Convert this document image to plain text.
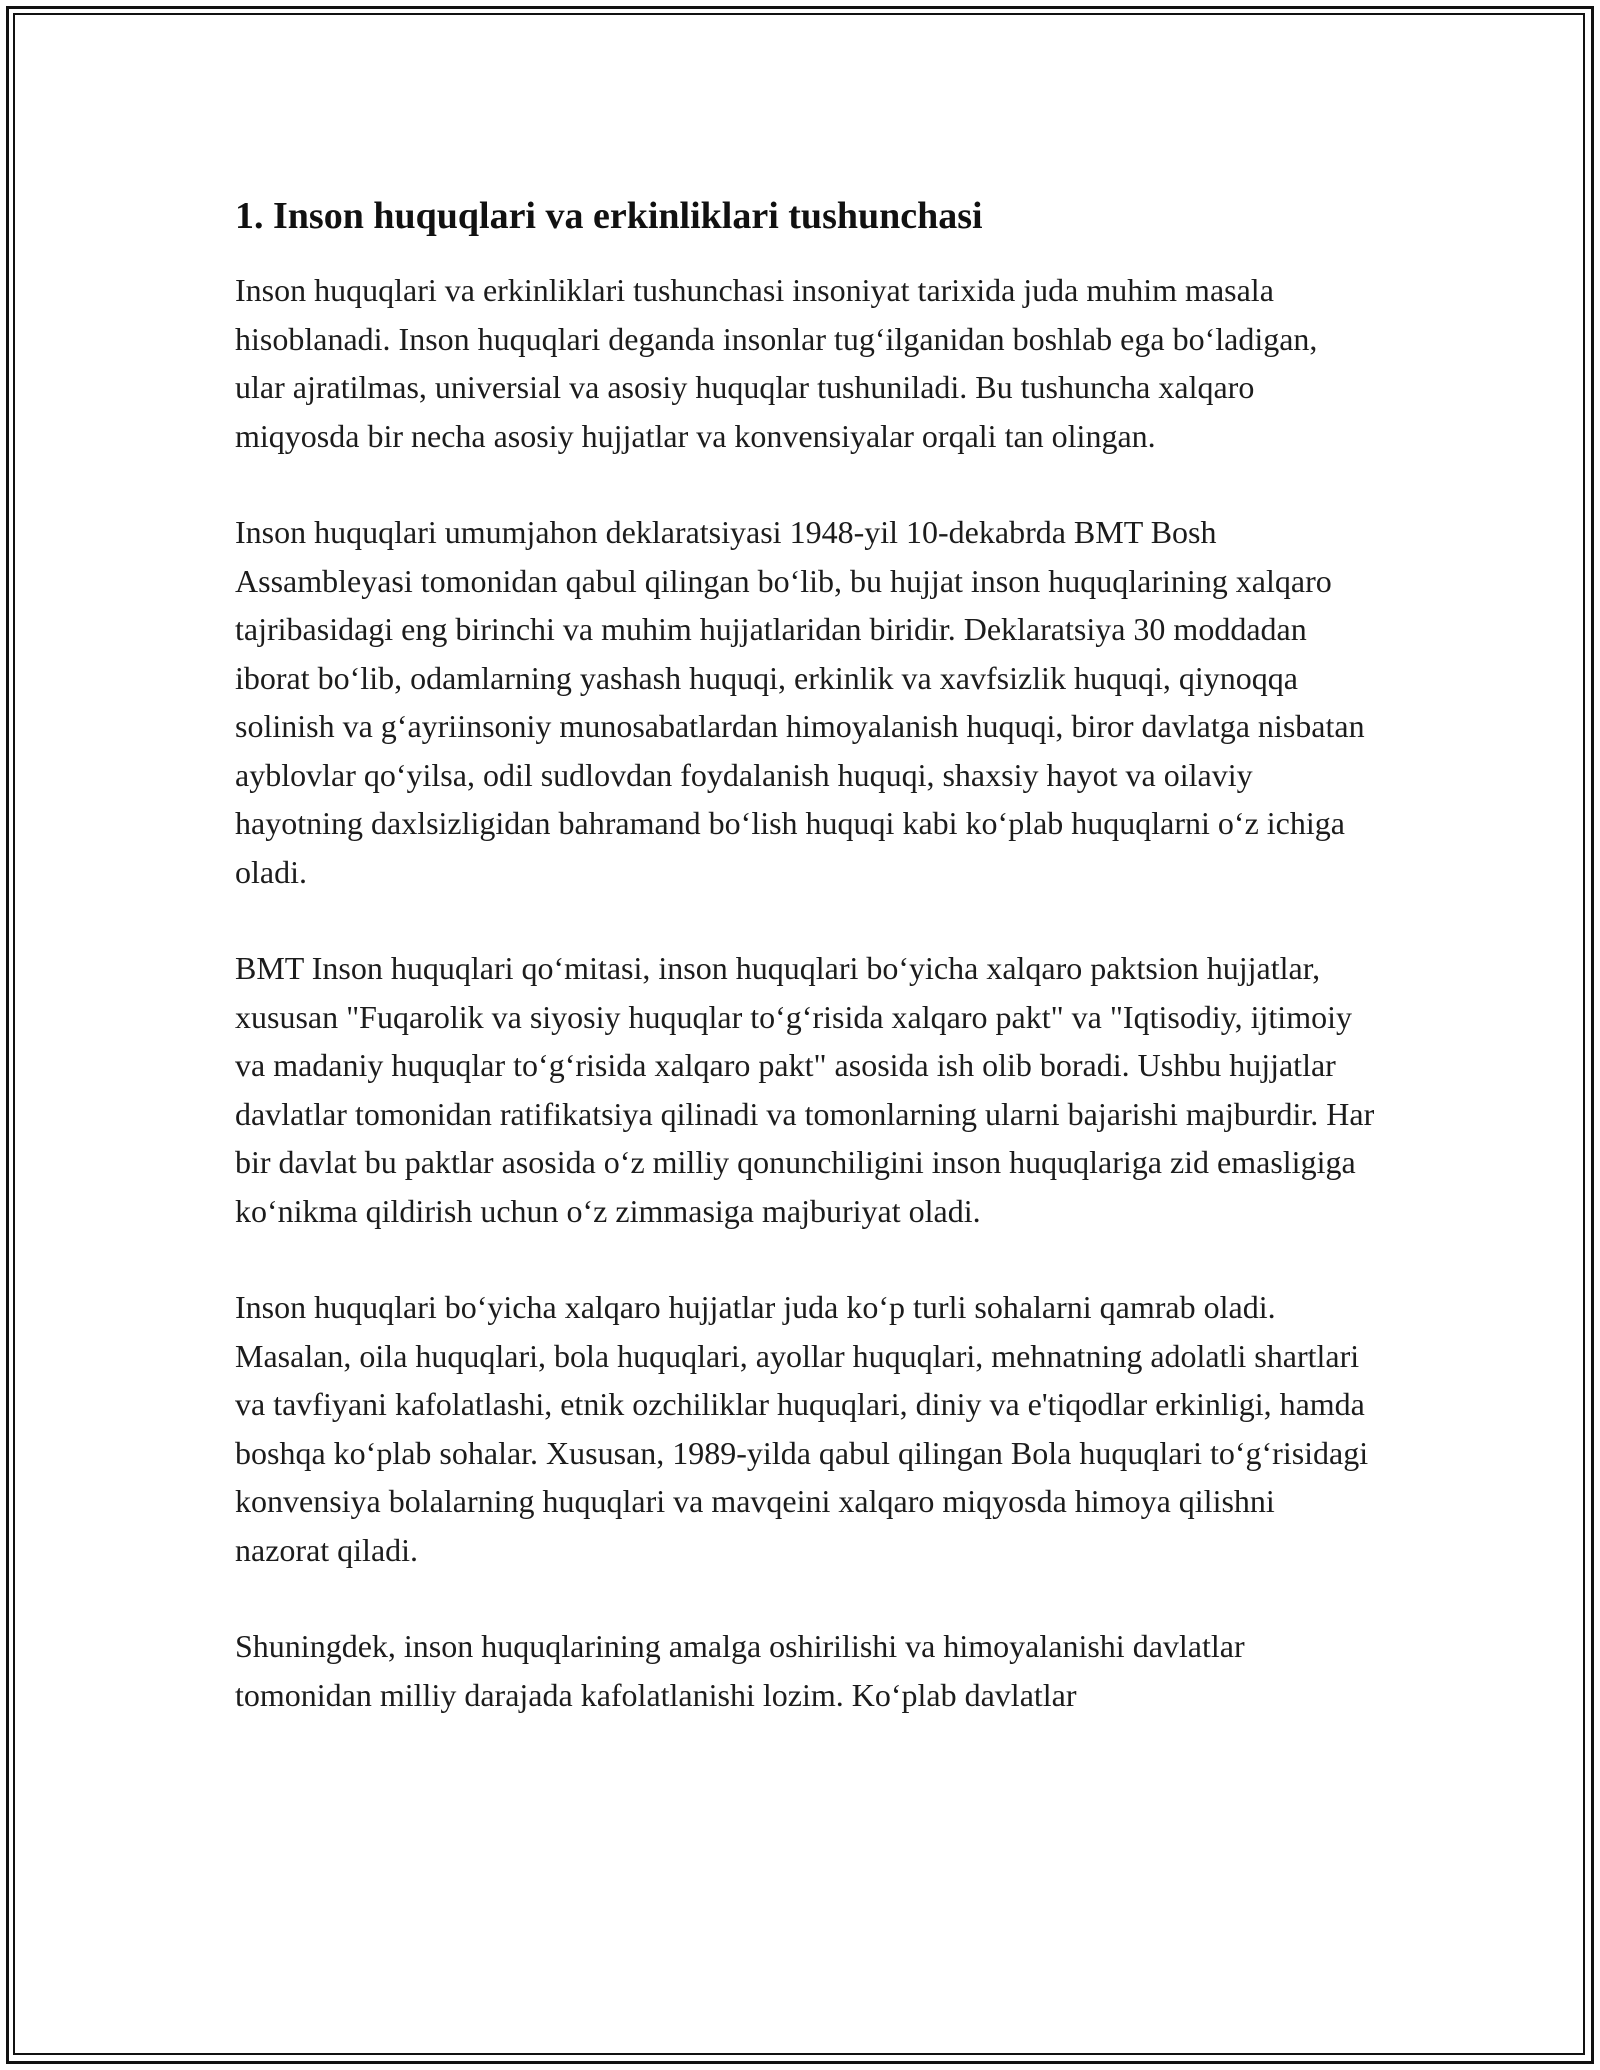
1. Inson huquqlari va erkinliklari tushunchasi

Inson huquqlari va erkinliklari tushunchasi insoniyat tarixida juda muhim masala hisoblanadi. Inson huquqlari deganda insonlar tug‘ilganidan boshlab ega bo‘ladigan, ular ajratilmas, universial va asosiy huquqlar tushuniladi. Bu tushuncha xalqaro miqyosda bir necha asosiy hujjatlar va konvensiyalar orqali tan olingan.

Inson huquqlari umumjahon deklaratsiyasi 1948-yil 10-dekabrda BMT Bosh Assambleyasi tomonidan qabul qilingan bo‘lib, bu hujjat inson huquqlarining xalqaro tajribasidagi eng birinchi va muhim hujjatlaridan biridir. Deklaratsiya 30 moddadan iborat bo‘lib, odamlarning yashash huquqi, erkinlik va xavfsizlik huquqi, qiynoqqa solinish va g‘ayriinsoniy munosabatlardan himoyalanish huquqi, biror davlatga nisbatan ayblovlar qo‘yilsa, odil sudlovdan foydalanish huquqi, shaxsiy hayot va oilaviy hayotning daxlsizligidan bahramand bo‘lish huquqi kabi ko‘plab huquqlarni o‘z ichiga oladi.

BMT Inson huquqlari qo‘mitasi, inson huquqlari bo‘yicha xalqaro paktsion hujjatlar, xususan "Fuqarolik va siyosiy huquqlar to‘g‘risida xalqaro pakt" va "Iqtisodiy, ijtimoiy va madaniy huquqlar to‘g‘risida xalqaro pakt" asosida ish olib boradi. Ushbu hujjatlar davlatlar tomonidan ratifikatsiya qilinadi va tomonlarning ularni bajarishi majburdir. Har bir davlat bu paktlar asosida o‘z milliy qonunchiligini inson huquqlariga zid emasligiga ko‘nikma qildirish uchun o‘z zimmasiga majburiyat oladi.

Inson huquqlari bo‘yicha xalqaro hujjatlar juda ko‘p turli sohalarni qamrab oladi. Masalan, oila huquqlari, bola huquqlari, ayollar huquqlari, mehnatning adolatli shartlari va tavfiyani kafolatlashi, etnik ozchiliklar huquqlari, diniy va e'tiqodlar erkinligi, hamda boshqa ko‘plab sohalar. Xususan, 1989-yilda qabul qilingan Bola huquqlari to‘g‘risidagi konvensiya bolalarning huquqlari va mavqeini xalqaro miqyosda himoya qilishni nazorat qiladi.

Shuningdek, inson huquqlarining amalga oshirilishi va himoyalanishi davlatlar tomonidan milliy darajada kafolatlanishi lozim. Ko‘plab davlatlar
